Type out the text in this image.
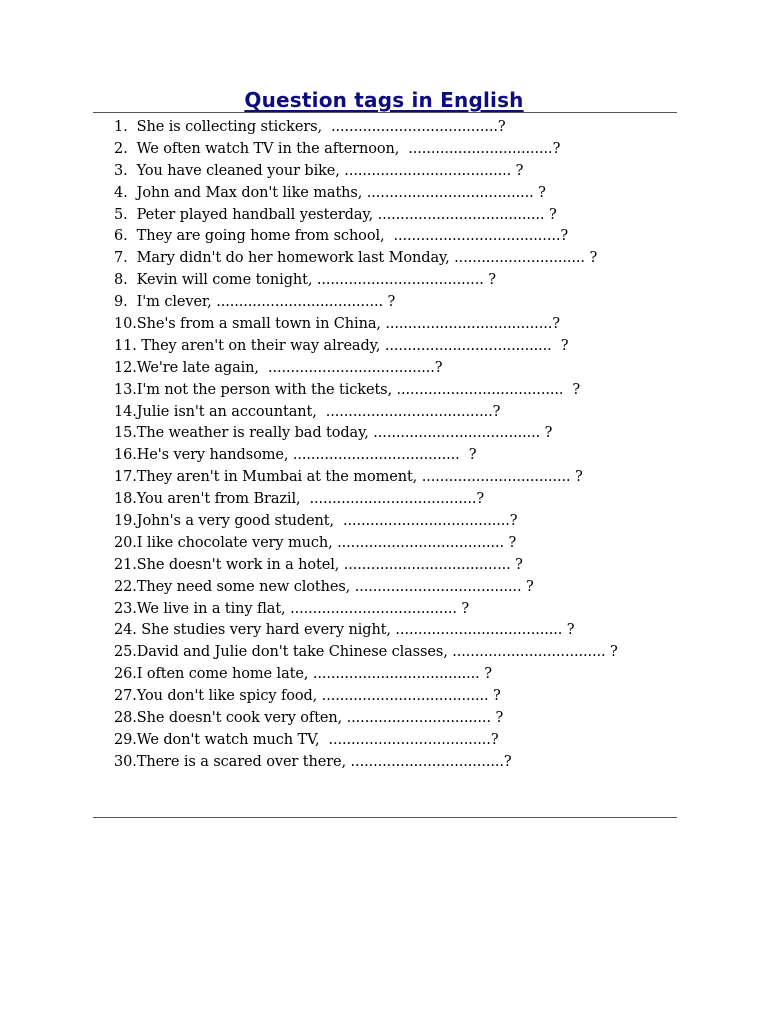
Question tags in English
1.  She is collecting stickers,  .....................................?
2.  We often watch TV in the afternoon,  ................................?
3.  You have cleaned your bike, ..................................... ?
4.  John and Max don't like maths, ..................................... ?
5.  Peter played handball yesterday, ..................................... ?
6.  They are going home from school,  .....................................?
7.  Mary didn't do her homework last Monday, ............................. ?
8.  Kevin will come tonight, ..................................... ?
9.  I'm clever, ..................................... ?
10.She's from a small town in China, .....................................?
11. They aren't on their way already, .....................................  ?
12.We're late again,  .....................................?
13.I'm not the person with the tickets, .....................................  ?
14.Julie isn't an accountant,  .....................................?
15.The weather is really bad today, ..................................... ?
16.He's very handsome, .....................................  ?
17.They aren't in Mumbai at the moment, ................................. ?
18.You aren't from Brazil,  .....................................?
19.John's a very good student,  .....................................?
20.I like chocolate very much, ..................................... ?
21.She doesn't work in a hotel, ..................................... ?
22.They need some new clothes, ..................................... ?
23.We live in a tiny flat, ..................................... ?
24. She studies very hard every night, ..................................... ?
25.David and Julie don't take Chinese classes, .................................. ?
26.I often come home late, ..................................... ?
27.You don't like spicy food, ..................................... ?
28.She doesn't cook very often, ................................ ?
29.We don't watch much TV,  ....................................?
30.There is a scared over there, ..................................?
